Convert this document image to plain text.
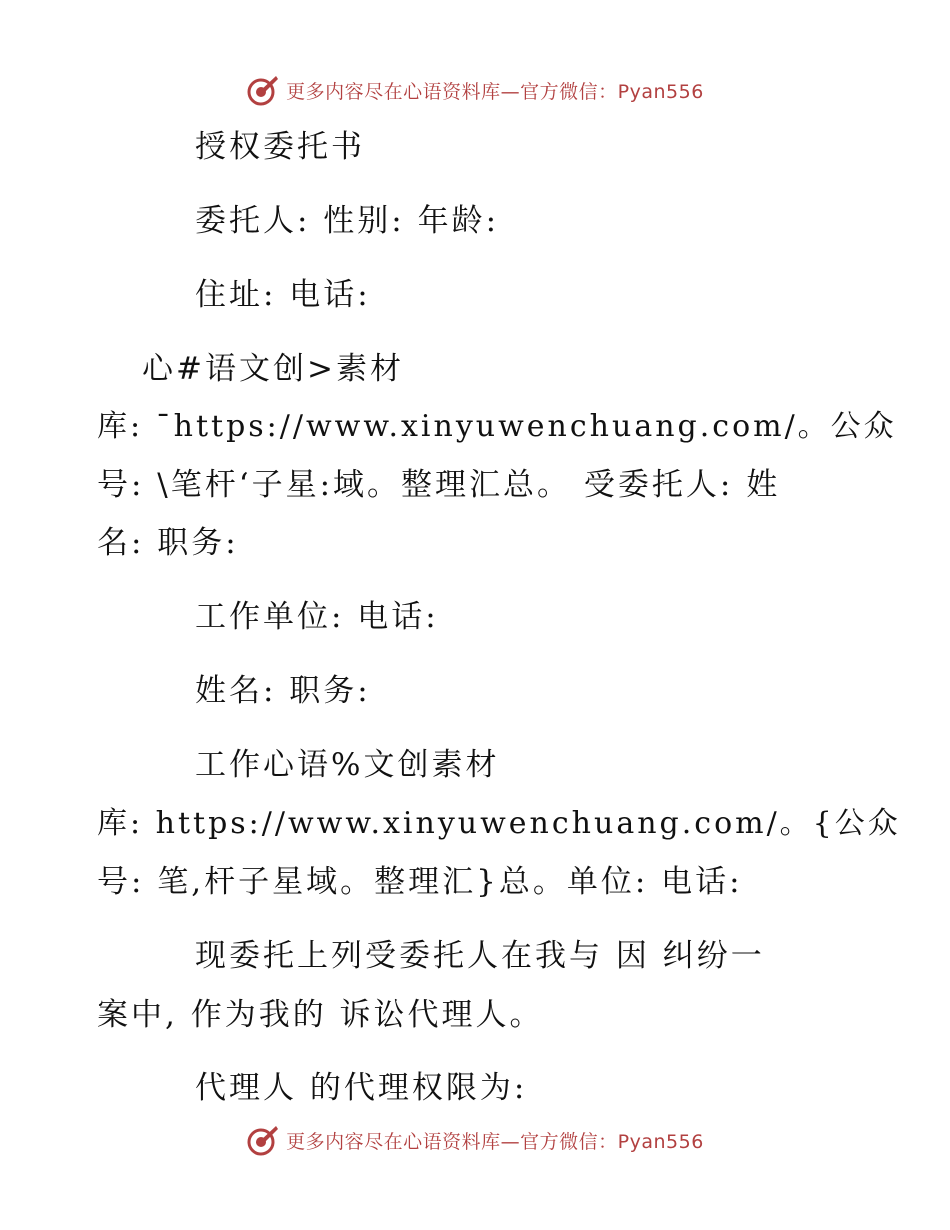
更多内容尽在心语资料库—官方微信：Pyan556
授权委托书
委托人: 性别: 年龄:
住址: 电话:
心#语文创>素材
库: ¯https://www.xinyuwenchuang.com/。公众
号: \笔杆‘子星:域。整理汇总。 受委托人: 姓
名: 职务:
工作单位: 电话:
姓名: 职务:
工作心语%文创素材
库: https://www.xinyuwenchuang.com/。{公众
号: 笔,杆子星域。整理汇}总。单位: 电话:
现委托上列受委托人在我与 因 纠纷一
案中, 作为我的 诉讼代理人。
代理人 的代理权限为:
更多内容尽在心语资料库—官方微信：Pyan556
